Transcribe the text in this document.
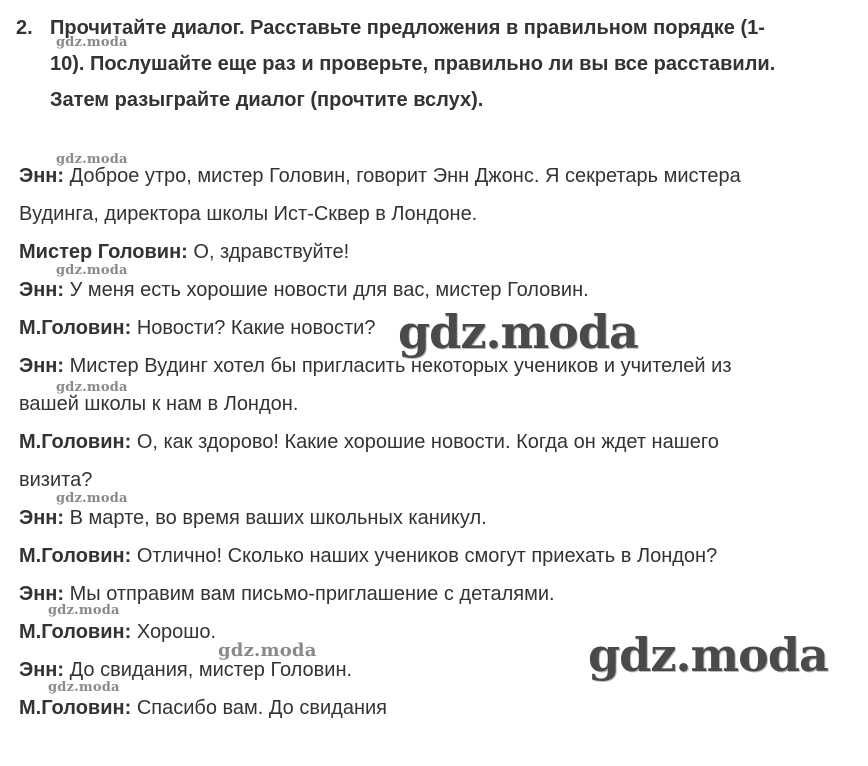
2. Прочитайте диалог. Расставьте предложения в правильном порядке (1-
10). Послушайте еще раз и проверьте, правильно ли вы все расставили.
Затем разыграйте диалог (прочтите вслух).
Энн: Доброе утро, мистер Головин, говорит Энн Джонс. Я секретарь мистера
Вудинга, директора школы Ист-Сквер в Лондоне.
Мистер Головин: О, здравствуйте!
Энн: У меня есть хорошие новости для вас, мистер Головин.
М.Головин: Новости? Какие новости?
Энн: Мистер Вудинг хотел бы пригласить некоторых учеников и учителей из
вашей школы к нам в Лондон.
М.Головин: О, как здорово! Какие хорошие новости. Когда он ждет нашего
визита?
Энн: В марте, во время ваших школьных каникул.
М.Головин: Отлично! Сколько наших учеников смогут приехать в Лондон?
Энн: Мы отправим вам письмо-приглашение с деталями.
М.Головин: Хорошо.
Энн: До свидания, мистер Головин.
М.Головин: Спасибо вам. До свидания
gdz.moda
gdz.moda
gdz.moda
gdz.moda
gdz.moda
gdz.moda
gdz.moda
gdz.moda
gdz.moda
gdz.moda
